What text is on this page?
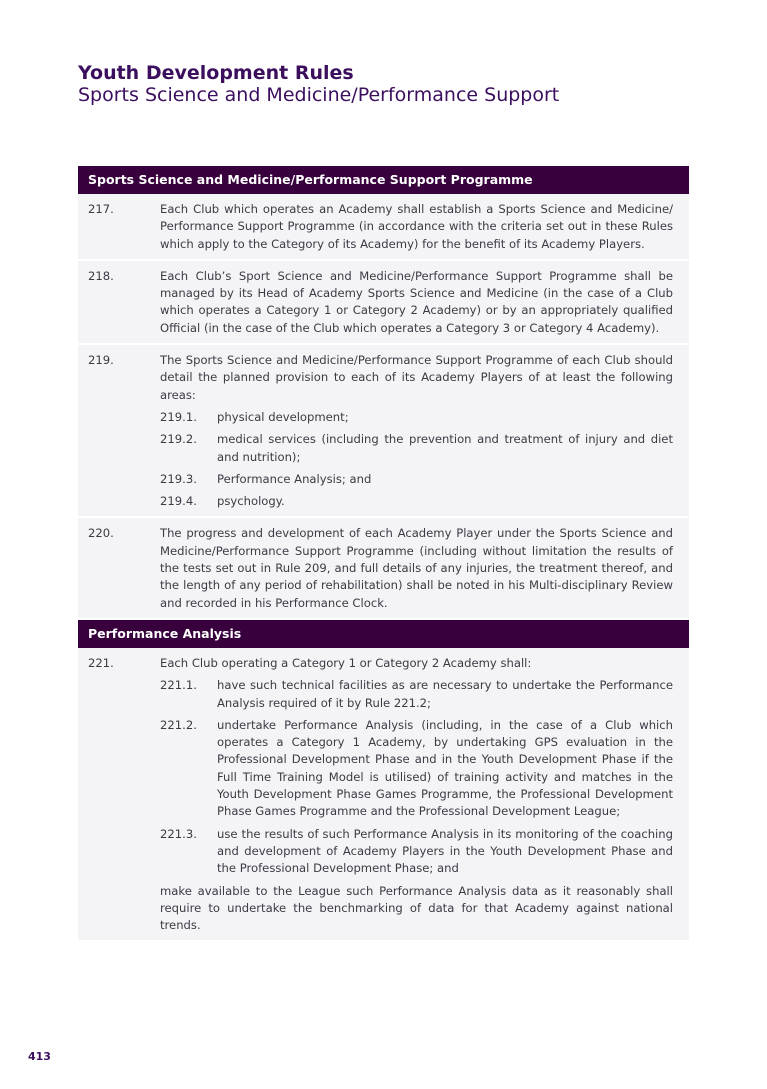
Youth Development Rules
Sports Science and Medicine/Performance Support
Sports Science and Medicine/Performance Support Programme
217.	Each Club which operates an Academy shall establish a Sports Science and Medicine/ Performance Support Programme (in accordance with the criteria set out in these Rules which apply to the Category of its Academy) for the benefit of its Academy Players.
218.	Each Club’s Sport Science and Medicine/Performance Support Programme shall be managed by its Head of Academy Sports Science and Medicine (in the case of a Club which operates a Category 1 or Category 2 Academy) or by an appropriately qualified Official (in the case of the Club which operates a Category 3 or Category 4 Academy).
219.	The Sports Science and Medicine/Performance Support Programme of each Club should detail the planned provision to each of its Academy Players of at least the following areas:
219.1.	physical development;
219.2.	medical services (including the prevention and treatment of injury and diet and nutrition);
219.3.	Performance Analysis; and
219.4.	psychology.
220.	The progress and development of each Academy Player under the Sports Science and Medicine/Performance Support Programme (including without limitation the results of the tests set out in Rule 209, and full details of any injuries, the treatment thereof, and the length of any period of rehabilitation) shall be noted in his Multi-disciplinary Review and recorded in his Performance Clock.
Performance Analysis
221.	Each Club operating a Category 1 or Category 2 Academy shall:
221.1.	have such technical facilities as are necessary to undertake the Performance Analysis required of it by Rule 221.2;
221.2.	undertake Performance Analysis (including, in the case of a Club which operates a Category 1 Academy, by undertaking GPS evaluation in the Professional Development Phase and in the Youth Development Phase if the Full Time Training Model is utilised) of training activity and matches in the Youth Development Phase Games Programme, the Professional Development Phase Games Programme and the Professional Development League;
221.3.	use the results of such Performance Analysis in its monitoring of the coaching and development of Academy Players in the Youth Development Phase and the Professional Development Phase; and
make available to the League such Performance Analysis data as it reasonably shall require to undertake the benchmarking of data for that Academy against national trends.
413
